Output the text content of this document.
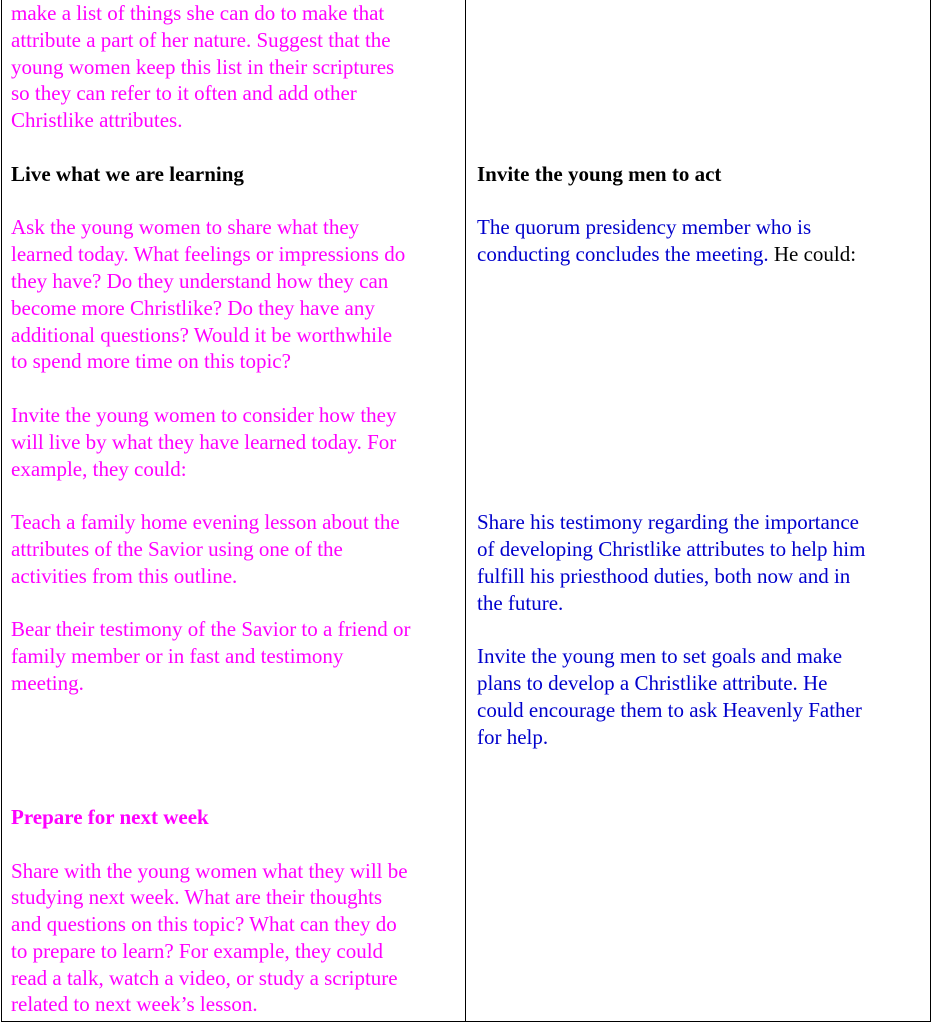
make a list of things she can do to make that

attribute a part of her nature. Suggest that the

young women keep this list in their scriptures

so they can refer to it often and add other

Christlike attributes.

Live what we are learning

Ask the young women to share what they

learned today. What feelings or impressions do

they have? Do they understand how they can

become more Christlike? Do they have any

additional questions? Would it be worthwhile

to spend more time on this topic?

Invite the young women to consider how they

will live by what they have learned today. For

example, they could:

Teach a family home evening lesson about the

attributes of the Savior using one of the

activities from this outline.

Bear their testimony of the Savior to a friend or

family member or in fast and testimony

meeting.

Prepare for next week

Share with the young women what they will be

studying next week. What are their thoughts

and questions on this topic? What can they do

to prepare to learn? For example, they could

read a talk, watch a video, or study a scripture

related to next week’s lesson.

Invite the young men to act

The quorum presidency member who is

conducting concludes the meeting. He could:

Share his testimony regarding the importance

of developing Christlike attributes to help him

fulfill his priesthood duties, both now and in

the future.

Invite the young men to set goals and make

plans to develop a Christlike attribute. He

could encourage them to ask Heavenly Father

for help.
